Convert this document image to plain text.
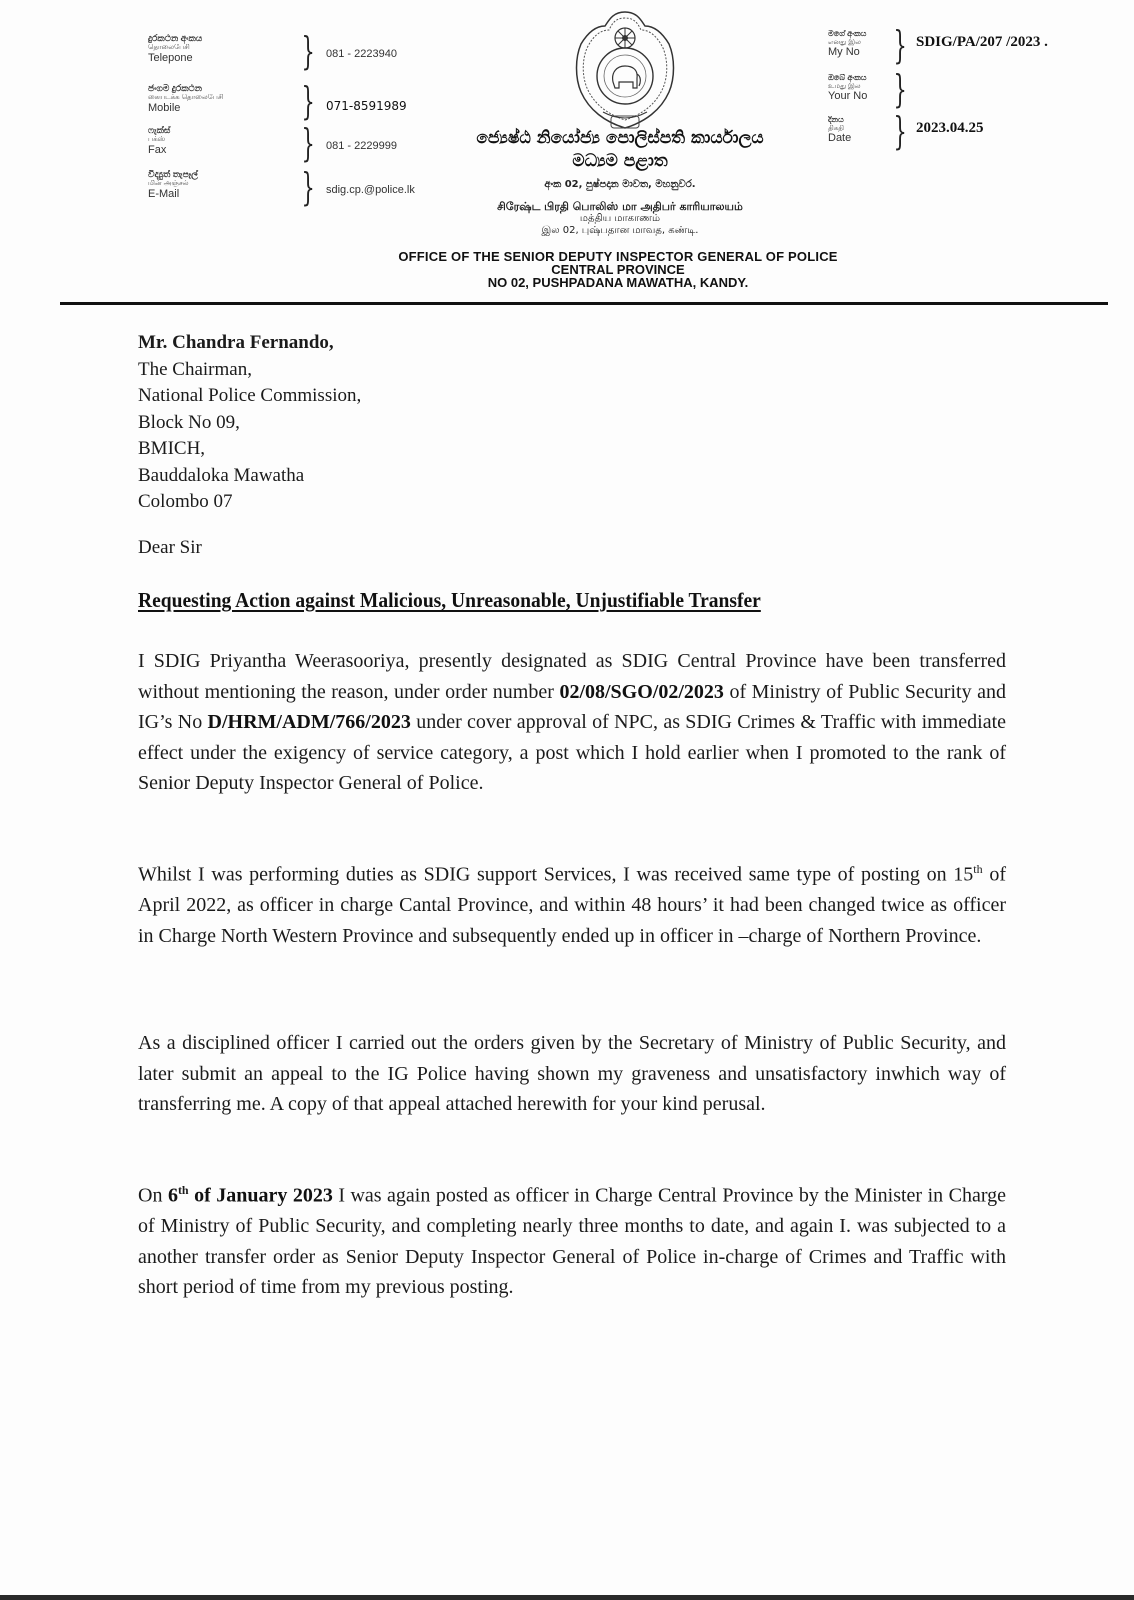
දුරකථන අංකය
தொலைபேசி
Telepone	} 081 - 2223940
ජංගම දුරකථන
கையடக்க தொலைபேசி
Mobile	} 071-8591989
ෆැක්ස්
பக்ஸ்
Fax	} 081 - 2229999
විද්‍යුත් තැපෑල්
மின் அஞ்சல்
E-Mail	} sdig.cp.@police.lk
මගේ අංකය
எனது இல
My No } SDIG/PA/207 /2023 .
ඔබේ අංකය
உமது இல
Your No }
දිනය
திகதி
Date	} 2023.04.25
ජ්‍යෙෂ්ඨ නියෝජ්‍ය පොලිස්පති කාර්යාලය
මධ්‍යම පළාත
අංක 02, පුෂ්පදාන මාවත, මහනුවර.
சிரேஷ்ட பிரதி பொலிஸ் மா அதிபர் காரியாலயம்
மத்திய மாகாணம்
இல 02, புஷ்பதான மாவத, கண்டி.
OFFICE OF THE SENIOR DEPUTY INSPECTOR GENERAL OF POLICE
CENTRAL PROVINCE
NO 02, PUSHPADANA MAWATHA, KANDY.
Mr. Chandra Fernando,
The Chairman,
National Police Commission,
Block No 09,
BMICH,
Bauddaloka Mawatha
Colombo 07
Dear Sir
Requesting Action against Malicious, Unreasonable, Unjustifiable Transfer
I SDIG Priyantha Weerasooriya, presently designated as SDIG Central Province have been transferred without mentioning the reason, under order number 02/08/SGO/02/2023 of Ministry of Public Security and IG’s No D/HRM/ADM/766/2023 under cover approval of NPC, as SDIG Crimes & Traffic with immediate effect under the exigency of service category, a post which I hold earlier when I promoted to the rank of Senior Deputy Inspector General of Police.
Whilst I was performing duties as SDIG support Services, I was received same type of posting on 15th of April 2022, as officer in charge Cantal Province, and within 48 hours’ it had been changed twice as officer in Charge North Western Province and subsequently ended up in officer in –charge of Northern Province.
As a disciplined officer I carried out the orders given by the Secretary of Ministry of Public Security, and later submit an appeal to the IG Police having shown my graveness and unsatisfactory inwhich way of transferring me. A copy of that appeal attached herewith for your kind perusal.
On 6th of January 2023 I was again posted as officer in Charge Central Province by the Minister in Charge of Ministry of Public Security, and completing nearly three months to date, and again I. was subjected to a another transfer order as Senior Deputy Inspector General of Police in-charge of Crimes and Traffic with short period of time from my previous posting.
